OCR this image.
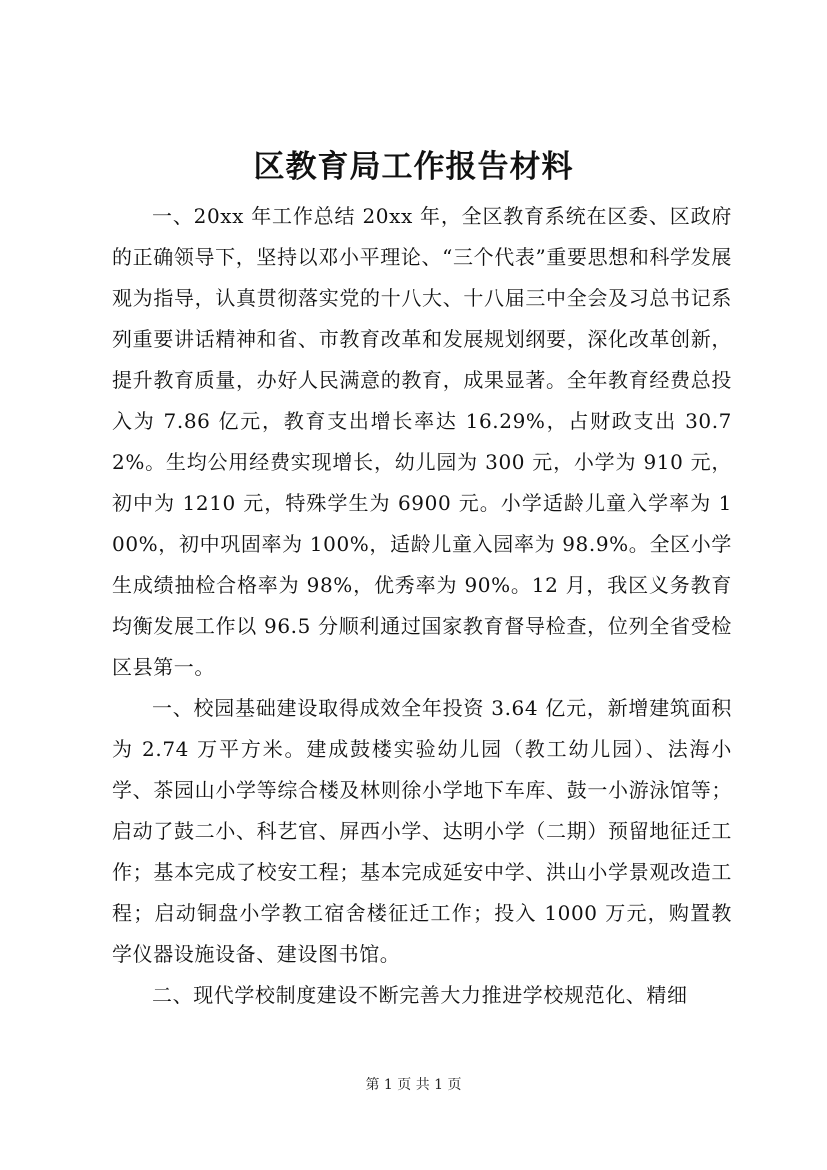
区教育局工作报告材料

一、20xx 年工作总结 20xx 年，全区教育系统在区委、区政府的正确领导下，坚持以邓小平理论、“三个代表”重要思想和科学发展观为指导，认真贯彻落实党的十八大、十八届三中全会及习总书记系列重要讲话精神和省、市教育改革和发展规划纲要，深化改革创新，提升教育质量，办好人民满意的教育，成果显著。全年教育经费总投入为 7.86 亿元，教育支出增长率达 16.29%，占财政支出 30.72%。生均公用经费实现增长，幼儿园为 300 元，小学为 910 元，初中为 1210 元，特殊学生为 6900 元。小学适龄儿童入学率为 100%，初中巩固率为 100%，适龄儿童入园率为 98.9%。全区小学生成绩抽检合格率为 98%，优秀率为 90%。12 月，我区义务教育均衡发展工作以 96.5 分顺利通过国家教育督导检查，位列全省受检区县第一。

一、校园基础建设取得成效全年投资 3.64 亿元，新增建筑面积为 2.74 万平方米。建成鼓楼实验幼儿园（教工幼儿园）、法海小学、茶园山小学等综合楼及林则徐小学地下车库、鼓一小游泳馆等；启动了鼓二小、科艺官、屏西小学、达明小学（二期）预留地征迁工作；基本完成了校安工程；基本完成延安中学、洪山小学景观改造工程；启动铜盘小学教工宿舍楼征迁工作；投入 1000 万元，购置教学仪器设施设备、建设图书馆。

二、现代学校制度建设不断完善大力推进学校规范化、精细

第 1 页 共 1 页
